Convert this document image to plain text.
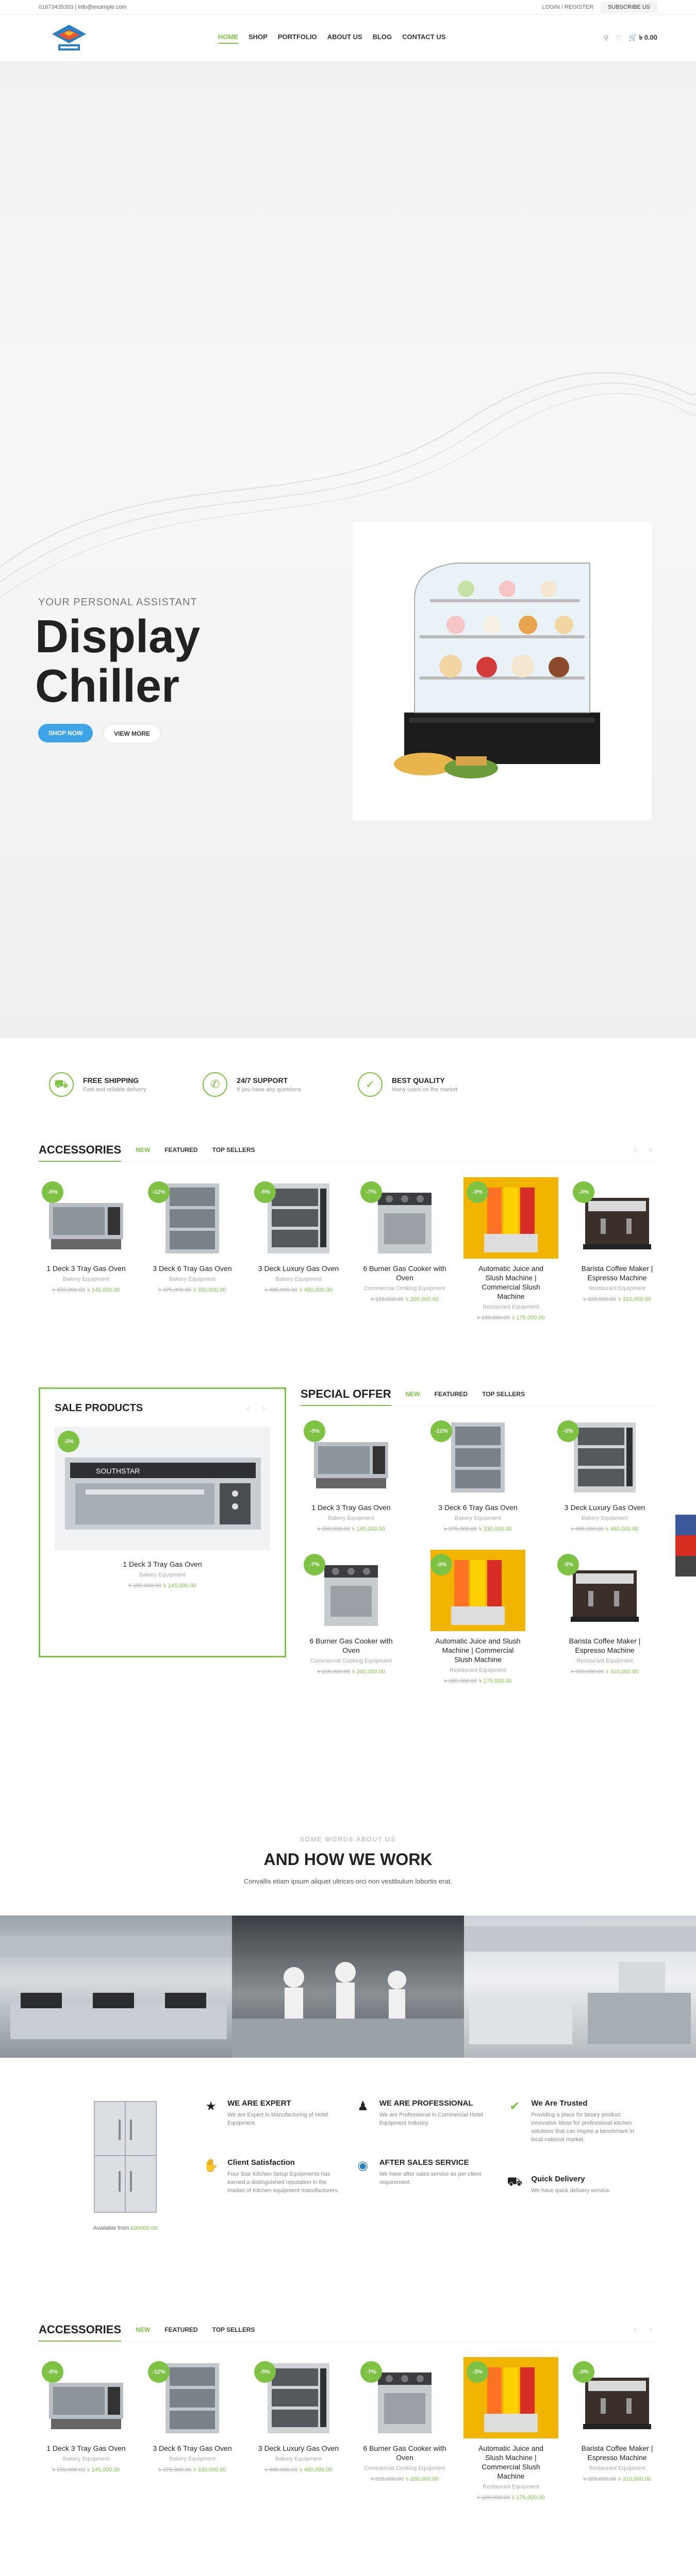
01673435303 | info@example.com	LOGIN / REGISTER	SUBSCRIBE US
HOME SHOP PORTFOLIO ABOUT US BLOG CONTACT US	⚲ ♡ 🛒 ৳ 0.00
YOUR PERSONAL ASSISTANT
Display
Chiller
SHOP NOW	VIEW MORE
⛟	FREE SHIPPING

Fast and reliable delivery	✆	24/7 SUPPORT

If you have any questions	✓	BEST QUALITY

Many users on the market

ACCESSORIES NEW FEATURED TOP SELLERS	‹ ›
-5%
1 Deck 3 Tray Gas Oven
Bakery Equipment
৳ 150,000.00 ৳ 145,000.00
-12%
3 Deck 6 Tray Gas Oven
Bakery Equipment
৳ 375,000.00 ৳ 330,000.00
-5%
3 Deck Luxury Gas Oven
Bakery Equipment
৳ 485,000.00 ৳ 460,000.00
-7%
6 Burner Gas Cooker with Oven
Commercial Cooking Equipment
৳ 215,000.00 ৳ 200,000.00
-3%
Automatic Juice and Slush Machine | Commercial Slush Machine
Restaurant Equipment
৳ 180,000.00 ৳ 175,000.00
-3%
Barista Coffee Maker | Espresso Machine
Restaurant Equipment
৳ 320,000.00 ৳ 310,000.00
SALE PRODUCTS	‹ ›
-3%
SOUTHSTAR
1 Deck 3 Tray Gas Oven
Bakery Equipment
৳ 150,000.00 ৳ 145,000.00
SPECIAL OFFER NEW FEATURED TOP SELLERS
-3%
1 Deck 3 Tray Gas Oven
Bakery Equipment
৳ 150,000.00 ৳ 145,000.00
-12%
3 Deck 6 Tray Gas Oven
Bakery Equipment
৳ 375,000.00 ৳ 330,000.00
-5%
3 Deck Luxury Gas Oven
Bakery Equipment
৳ 485,000.00 ৳ 460,000.00
-7%
6 Burner Gas Cooker with Oven
Commercial Cooking Equipment
৳ 215,000.00 ৳ 200,000.00
-3%
Automatic Juice and Slush Machine | Commercial Slush Machine
Restaurant Equipment
৳ 180,000.00 ৳ 175,000.00
-3%
Barista Coffee Maker | Espresso Machine
Restaurant Equipment
৳ 320,000.00 ৳ 310,000.00
SOME WORDS ABOUT US
AND HOW WE WORK

Convallis etiam ipsum aliquet ultrices orci non vestibulum lobortis erat.

Available from £00000.00
★	WE ARE EXPERT

We are Expert in Manufacturing of Hotel Equipment.

✋ Client Satisfaction

Four Star Kitchen Setup Equipments has earned a distinguished reputation in the market of Kitchen equipment manufacturers.

♟	WE ARE PROFESSIONAL

We are Professional in Commercial Hotel Equipment Industry.

◉	AFTER SALES SERVICE

We have after sales service as per client requirement.

✔	We Are Trusted

Providing a place for binary product innovative ideas for professional kitchen solutions that can inspire a benchmark in local national market.

⛟ Quick Delivery

We have quick delivery service.

ACCESSORIES NEW FEATURED TOP SELLERS	‹ ›
-5%
1 Deck 3 Tray Gas Oven
Bakery Equipment
৳ 150,000.00 ৳ 145,000.00
-12%
3 Deck 6 Tray Gas Oven
Bakery Equipment
৳ 375,000.00 ৳ 330,000.00
-5%
3 Deck Luxury Gas Oven
Bakery Equipment
৳ 485,000.00 ৳ 460,000.00
-7%
6 Burner Gas Cooker with Oven
Commercial Cooking Equipment
৳ 215,000.00 ৳ 200,000.00
-3%
Automatic Juice and Slush Machine | Commercial Slush Machine
Restaurant Equipment
৳ 180,000.00 ৳ 175,000.00
-3%
Barista Coffee Maker | Espresso Machine
Restaurant Equipment
৳ 320,000.00 ৳ 310,000.00
